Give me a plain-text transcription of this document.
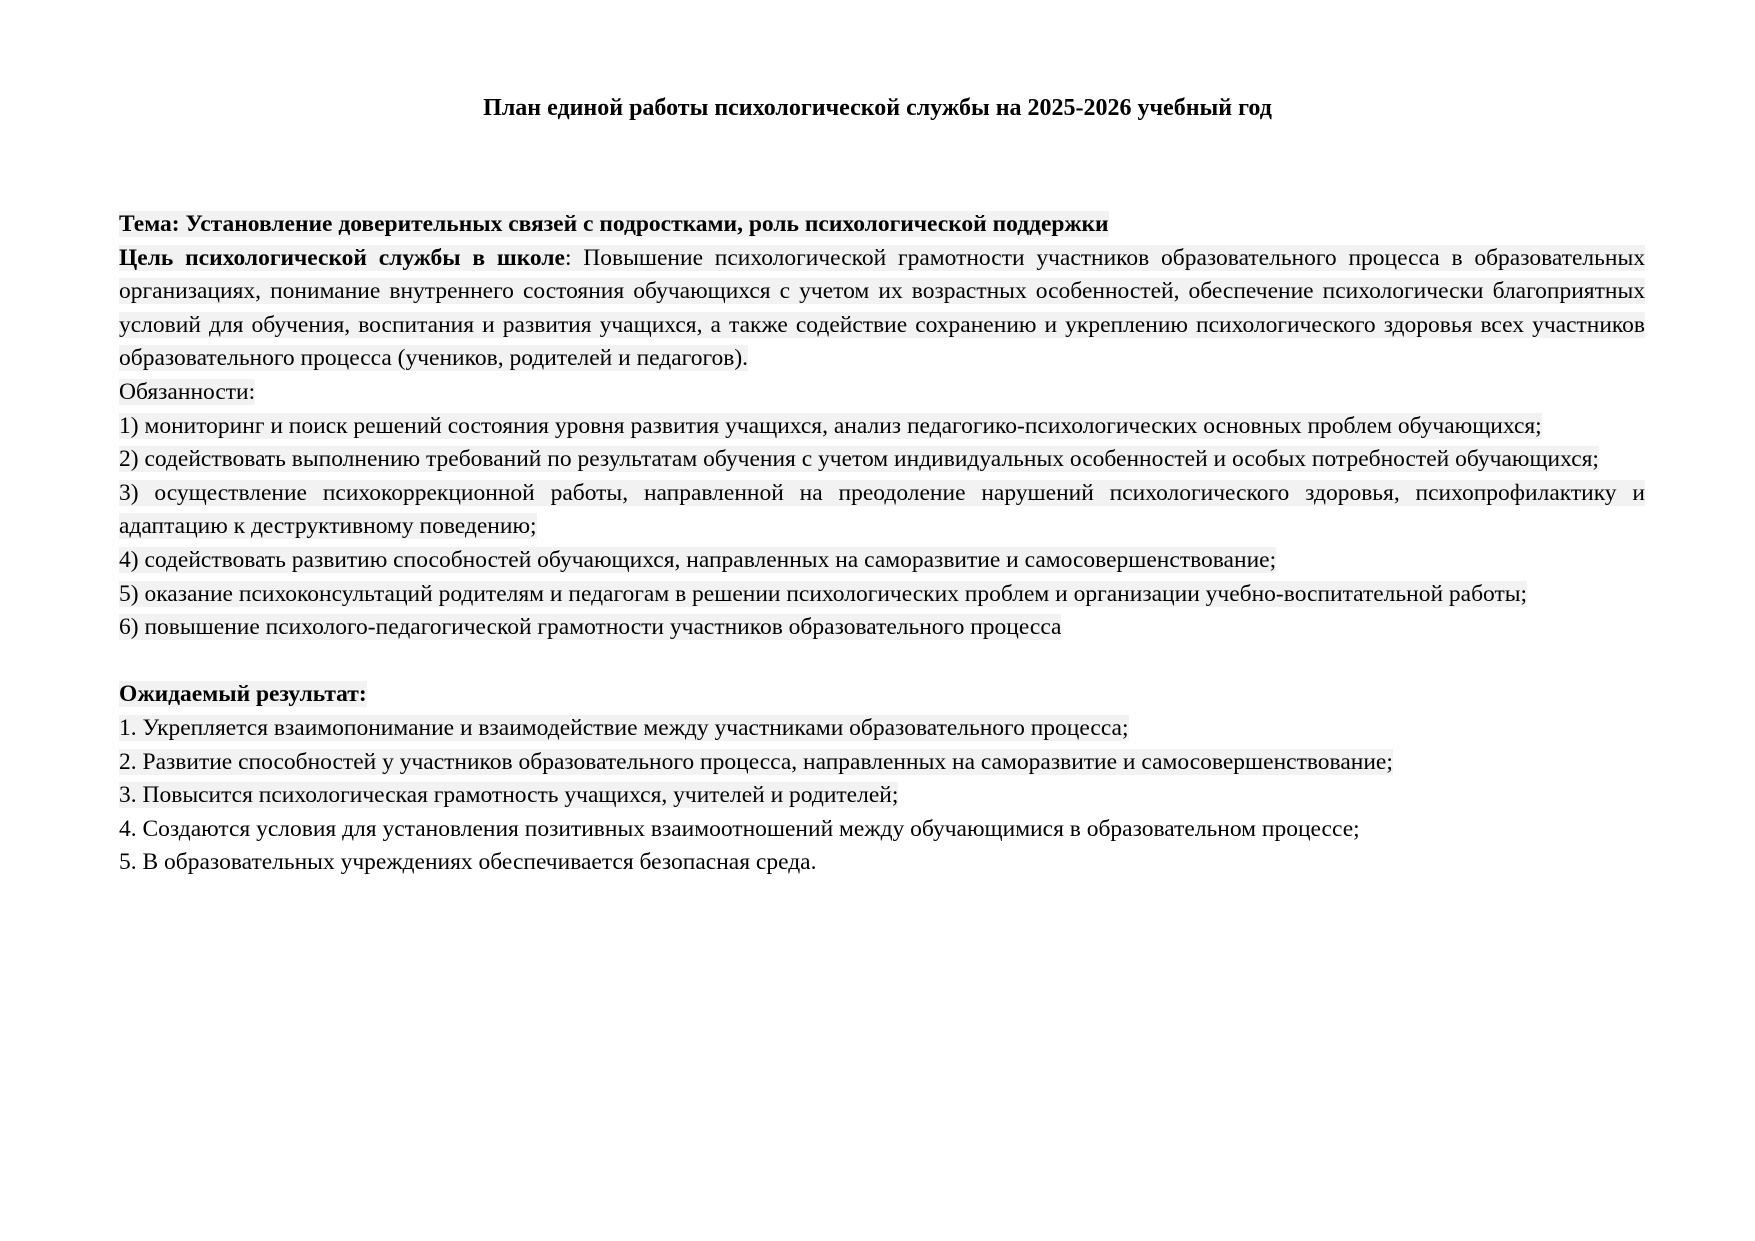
План единой работы психологической службы на 2025-2026 учебный год

Тема: Установление доверительных связей с подростками, роль психологической поддержки

Цель психологической службы в школе: Повышение психологической грамотности участников образовательного процесса в образовательных организациях, понимание внутреннего состояния обучающихся с учетом их возрастных особенностей, обеспечение психологически благоприятных условий для обучения, воспитания и развития учащихся, а также содействие сохранению и укреплению психологического здоровья всех участников образовательного процесса (учеников, родителей и педагогов).

Обязанности:

1) мониторинг и поиск решений состояния уровня развития учащихся, анализ педагогико-психологических основных проблем обучающихся;

2) содействовать выполнению требований по результатам обучения с учетом индивидуальных особенностей и особых потребностей обучающихся;

3) осуществление психокоррекционной работы, направленной на преодоление нарушений психологического здоровья, психопрофилактику и адаптацию к деструктивному поведению;

4) содействовать развитию способностей обучающихся, направленных на саморазвитие и самосовершенствование;

5) оказание психоконсультаций родителям и педагогам в решении психологических проблем и организации учебно-воспитательной работы;

6) повышение психолого-педагогической грамотности участников образовательного процесса

Ожидаемый результат:

1. Укрепляется взаимопонимание и взаимодействие между участниками образовательного процесса;

2. Развитие способностей у участников образовательного процесса, направленных на саморазвитие и самосовершенствование;

3. Повысится психологическая грамотность учащихся, учителей и родителей;

4. Создаются условия для установления позитивных взаимоотношений между обучающимися в образовательном процессе;

5. В образовательных учреждениях обеспечивается безопасная среда.
